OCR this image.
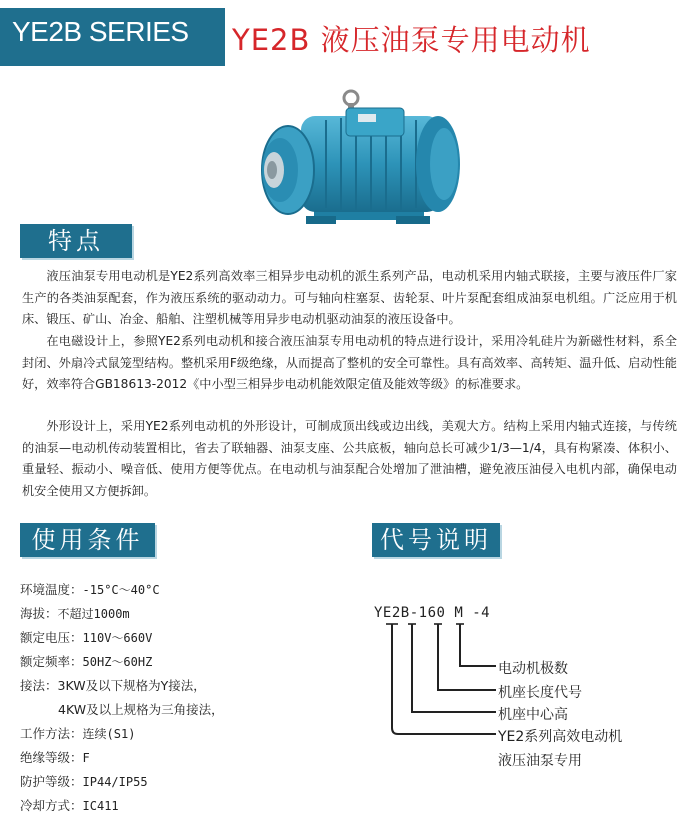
YE2B SERIES YE2B 液压油泵专用电动机
特点

液压油泵专用电动机是YE2系列高效率三相异步电动机的派生系列产品，电动机采用内轴式联接，主要与液压件厂家生产的各类油泵配套，作为液压系统的驱动动力。可与轴向柱塞泵、齿轮泵、叶片泵配套组成油泵电机组。广泛应用于机床、锻压、矿山、冶金、船舶、注塑机械等用异步电动机驱动油泵的液压设备中。

在电磁设计上，参照YE2系列电动机和接合液压油泵专用电动机的特点进行设计，采用冷轧硅片为新磁性材料，系全封闭、外扇冷式鼠笼型结构。整机采用F级绝缘，从而提高了整机的安全可靠性。具有高效率、高转矩、温升低、启动性能好，效率符合GB18613-2012《中小型三相异步电动机能效限定值及能效等级》的标准要求。

外形设计上，采用YE2系列电动机的外形设计，可制成顶出线或边出线，美观大方。结构上采用内轴式连接，与传统的油泵—电动机传动装置相比，省去了联轴器、油泵支座、公共底板，轴向总长可减少1/3—1/4，具有构紧凑、体积小、重量轻、振动小、噪音低、使用方便等优点。在电动机与油泵配合处增加了泄油槽，避免液压油侵入电机内部，确保电动机安全使用又方便拆卸。

使用条件	代号说明
环境温度：-15°C～40°C
海拔：不超过1000m
额定电压：110V～660V
额定频率：50HZ～60HZ
接法：3KW及以下规格为Y接法，
4KW及以上规格为三角接法，
工作方法：连续(S1)
绝缘等级：F
防护等级：IP44/IP55
冷却方式：IC411
YE2B-160 M -4
电动机极数
机座长度代号
机座中心高
YE2系列高效电动机
液压油泵专用
